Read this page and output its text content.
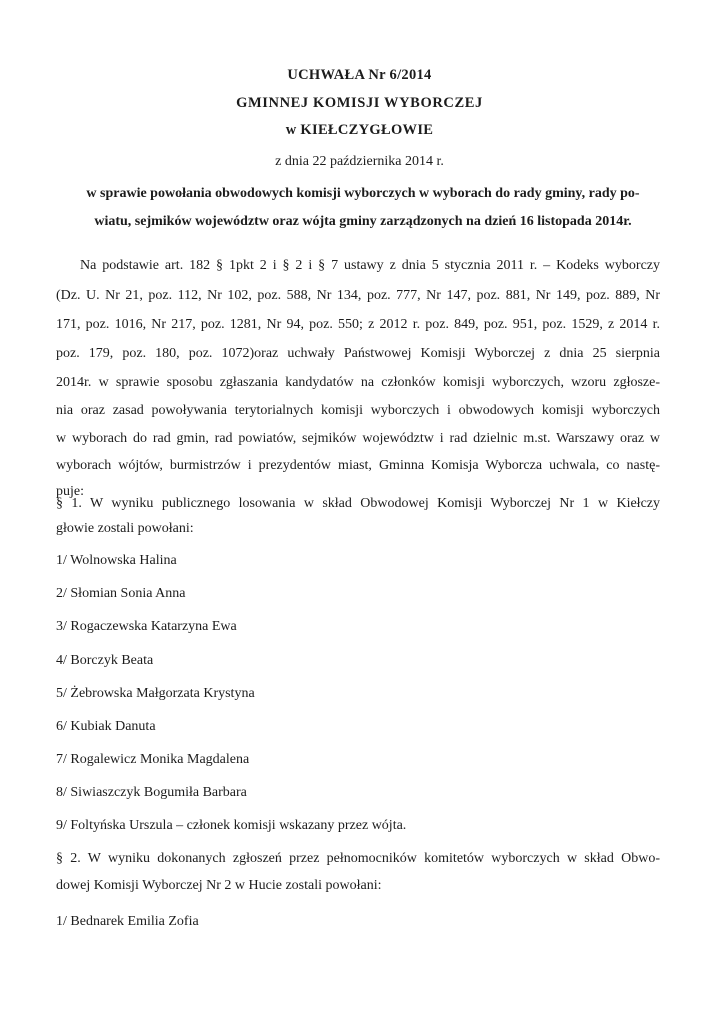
UCHWAŁA Nr 6/2014
GMINNEJ KOMISJI WYBORCZEJ
w KIEŁCZYGŁOWIE
z dnia 22 października 2014 r.
w sprawie powołania obwodowych komisji wyborczych w wyborach do rady gminy, rady po-
wiatu, sejmików województw oraz wójta gminy zarządzonych na dzień 16 listopada 2014r.
Na podstawie art. 182 § 1pkt 2 i § 2 i § 7 ustawy z dnia 5 stycznia 2011 r. – Kodeks wyborczy
(Dz. U. Nr 21, poz. 112, Nr 102, poz. 588, Nr 134, poz. 777, Nr 147, poz. 881, Nr 149, poz. 889, Nr
171, poz. 1016, Nr 217, poz. 1281, Nr 94, poz. 550; z 2012 r. poz. 849, poz. 951, poz. 1529, z 2014 r.
poz. 179, poz. 180, poz. 1072)oraz uchwały Państwowej Komisji Wyborczej z dnia 25 sierpnia
2014r. w sprawie sposobu zgłaszania kandydatów na członków komisji wyborczych, wzoru zgłosze-
nia oraz zasad powoływania terytorialnych komisji wyborczych i obwodowych komisji wyborczych
w wyborach do rad gmin, rad powiatów, sejmików województw i rad dzielnic m.st. Warszawy oraz w
wyborach wójtów, burmistrzów i prezydentów miast, Gminna Komisja Wyborcza uchwala, co nastę-
puje:
§ 1. W wyniku publicznego losowania w skład Obwodowej Komisji Wyborczej Nr 1 w Kiełczy
głowie zostali powołani:
1/ Wolnowska Halina
2/ Słomian Sonia Anna
3/ Rogaczewska Katarzyna Ewa
4/ Borczyk Beata
5/ Żebrowska Małgorzata Krystyna
6/ Kubiak Danuta
7/ Rogalewicz Monika Magdalena
8/ Siwiaszczyk Bogumiła Barbara
9/ Foltyńska Urszula – członek komisji wskazany przez wójta.
§ 2. W wyniku dokonanych zgłoszeń przez pełnomocników komitetów wyborczych w skład Obwo-
dowej Komisji Wyborczej Nr 2 w Hucie zostali powołani:
1/ Bednarek Emilia Zofia
